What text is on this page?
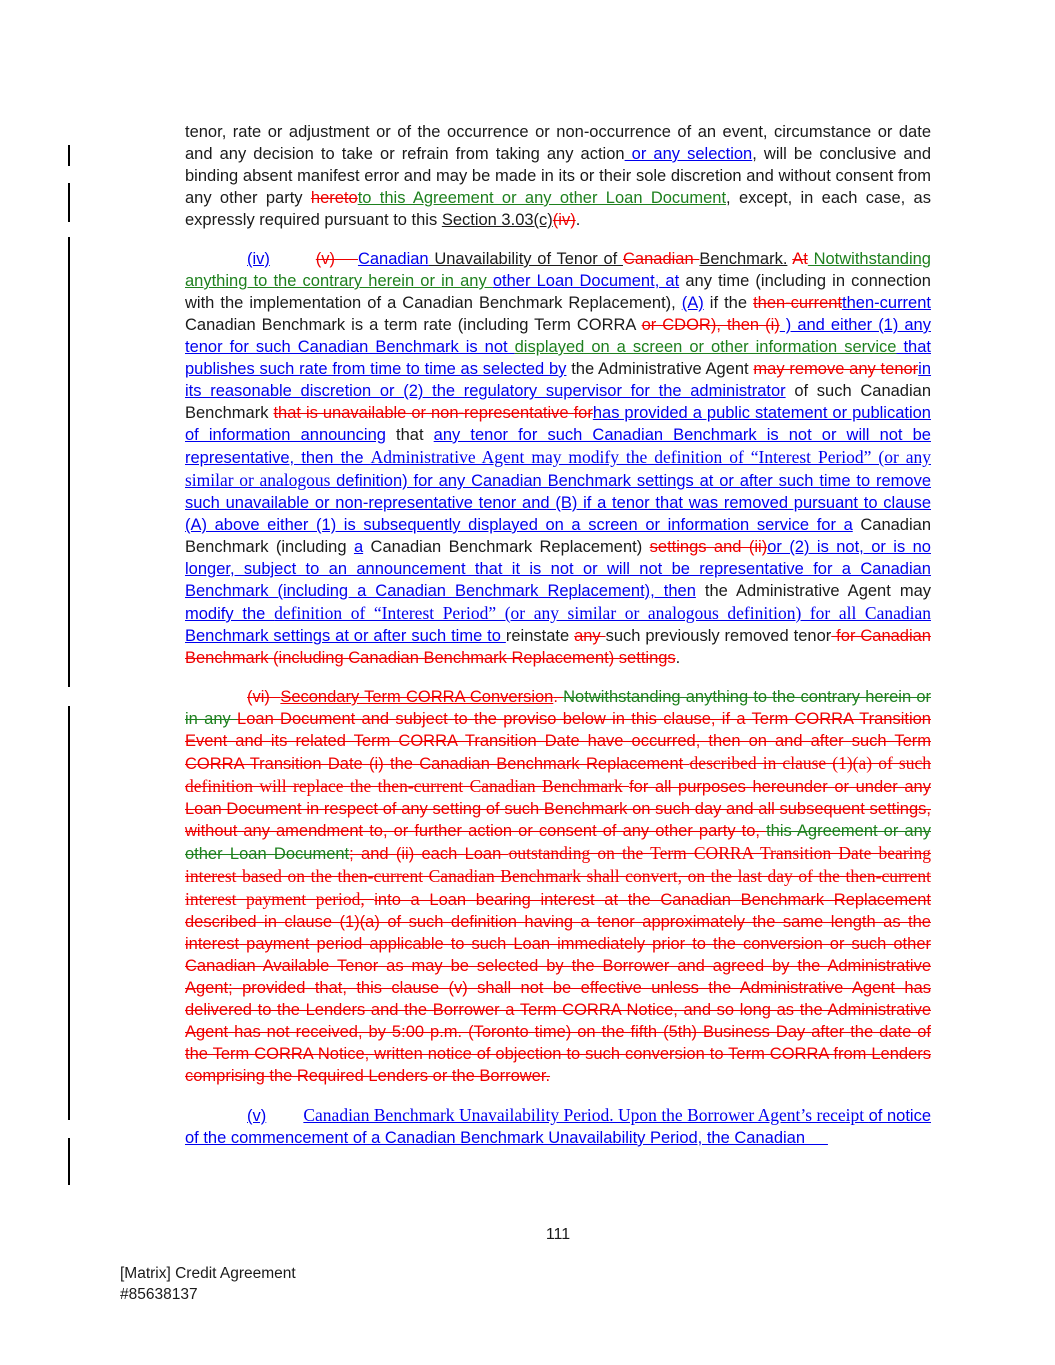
tenor, rate or adjustment or of the occurrence or non-occurrence of an event, circumstance or date and any decision to take or refrain from taking any action or any selection, will be conclusive and binding absent manifest error and may be made in its or their sole discretion and without consent from any other party heretoto this Agreement or any other Loan Document, except, in each case, as expressly required pursuant to this Section 3.03(c)(iv).

(iv)	(v)    Canadian Unavailability of Tenor of Canadian Benchmark. At Notwithstanding anything to the contrary herein or in any other Loan Document, at any time (including in connection with the implementation of a Canadian Benchmark Replacement), (A) if the then-currentthen-current Canadian Benchmark is a term rate (including Term CORRA or CDOR), then (i) ) and either (1) any tenor for such Canadian Benchmark is not displayed on a screen or other information service that publishes such rate from time to time as selected by the Administrative Agent may remove any tenorin its reasonable discretion or (2) the regulatory supervisor for the administrator of such Canadian Benchmark that is unavailable or non-representative forhas provided a public statement or publication of information announcing that any tenor for such Canadian Benchmark is not or will not be representative, then the Administrative Agent may modify the definition of “Interest Period” (or any similar or analogous definition) for any Canadian Benchmark settings at or after such time to remove such unavailable or non-representative tenor and (B) if a tenor that was removed pursuant to clause (A) above either (1) is subsequently displayed on a screen or information service for a Canadian Benchmark (including a Canadian Benchmark Replacement) settings and (ii)or (2) is not, or is no longer, subject to an announcement that it is not or will not be representative for a Canadian Benchmark (including a Canadian Benchmark Replacement), then the Administrative Agent may modify the definition of “Interest Period” (or any similar or analogous definition) for all Canadian Benchmark settings at or after such time to reinstate any such previously removed tenor for Canadian Benchmark (including Canadian Benchmark Replacement) settings.

(vi)  Secondary Term CORRA Conversion. Notwithstanding anything to the contrary herein or in any Loan Document and subject to the proviso below in this clause, if a Term CORRA Transition Event and its related Term CORRA Transition Date have occurred, then on and after such Term CORRA Transition Date (i) the Canadian Benchmark Replacement described in clause (1)(a) of such definition will replace the then-current Canadian Benchmark for all purposes hereunder or under any Loan Document in respect of any setting of such Benchmark on such day and all subsequent settings, without any amendment to, or further action or consent of any other party to, this Agreement or any other Loan Document; and (ii) each Loan outstanding on the Term CORRA Transition Date bearing interest based on the then-current Canadian Benchmark shall convert, on the last day of the then-current interest payment period, into a Loan bearing interest at the Canadian Benchmark Replacement described in clause (1)(a) of such definition having a tenor approximately the same length as the interest payment period applicable to such Loan immediately prior to the conversion or such other Canadian Available Tenor as may be selected by the Borrower and agreed by the Administrative Agent; provided that, this clause (v) shall not be effective unless the Administrative Agent has delivered to the Lenders and the Borrower a Term CORRA Notice, and so long as the Administrative Agent has not received, by 5:00 p.m. (Toronto time) on the fifth (5th) Business Day after the date of the Term CORRA Notice, written notice of objection to such conversion to Term CORRA from Lenders comprising the Required Lenders or the Borrower.

(v) Canadian Benchmark Unavailability Period. Upon the Borrower Agent’s receipt of notice of the commencement of a Canadian Benchmark Unavailability Period, the Canadian

111
[Matrix] Credit Agreement
#85638137
